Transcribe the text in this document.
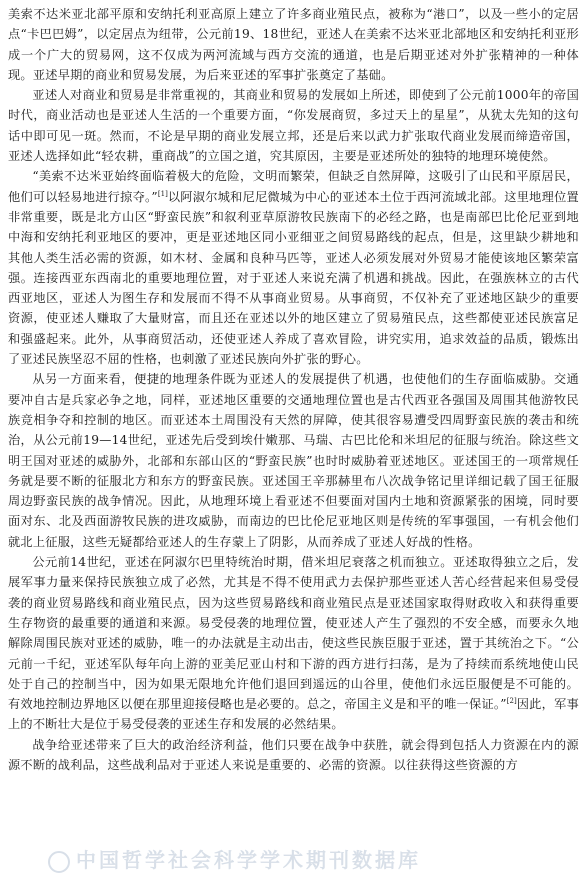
美索不达米亚北部平原和安纳托利亚高原上建立了许多商业殖民点，被称为“港口”，以及一些小的定居点“卡巴巴姆”，以定居点为纽带，公元前19、18世纪，亚述人在美索不达米亚北部地区和安纳托利亚形成一个广大的贸易网，这不仅成为两河流域与西方交流的通道，也是后期亚述对外扩张精神的一种体现。亚述早期的商业和贸易发展，为后来亚述的军事扩张奠定了基础。

亚述人对商业和贸易是非常重视的，其商业和贸易的发展如上所述，即使到了公元前1000年的帝国时代，商业活动也是亚述人生活的一个重要方面，“你发展商贸，多过天上的星星”，从犹太先知的这句话中即可见一斑。然而，不论是早期的商业发展立邦，还是后来以武力扩张取代商业发展而缔造帝国，亚述人选择如此“轻农耕，重商战”的立国之道，究其原因，主要是亚述所处的独特的地理环境使然。

“美索不达米亚始终面临着极大的危险，文明而繁荣，但缺乏自然屏障，这吸引了山民和平原居民，他们可以轻易地进行掠夺。”[1]以阿淑尔城和尼尼微城为中心的亚述本土位于西河流域北部。这里地理位置非常重要，既是北方山区“野蛮民族”和叙利亚草原游牧民族南下的必经之路，也是南部巴比伦尼亚到地中海和安纳托利亚地区的要冲，更是亚述地区同小亚细亚之间贸易路线的起点，但是，这里缺少耕地和其他人类生活必需的资源，如木材、金属和良种马匹等，亚述人必须发展对外贸易才能使该地区繁荣富强。连接西亚东西南北的重要地理位置，对于亚述人来说充满了机遇和挑战。因此，在强族林立的古代西亚地区，亚述人为图生存和发展而不得不从事商业贸易。从事商贸，不仅补充了亚述地区缺少的重要资源，使亚述人赚取了大量财富，而且还在亚述以外的地区建立了贸易殖民点，这些都使亚述民族富足和强盛起来。此外，从事商贸活动，还使亚述人养成了喜欢冒险，讲究实用，追求效益的品质，锻炼出了亚述民族坚忍不屈的性格，也刺激了亚述民族向外扩张的野心。

从另一方面来看，便捷的地理条件既为亚述人的发展提供了机遇，也使他们的生存面临威胁。交通要冲自古是兵家必争之地，同样，亚述地区重要的交通地理位置也是古代西亚各强国及周围其他游牧民族竞相争夺和控制的地区。而亚述本土周围没有天然的屏障，使其很容易遭受四周野蛮民族的袭击和统治，从公元前19—14世纪，亚述先后受到埃什嫩那、马瑞、古巴比伦和米坦尼的征服与统治。除这些文明王国对亚述的威胁外，北部和东部山区的“野蛮民族”也时时威胁着亚述地区。亚述国王的一项常规任务就是要不断的征服北方和东方的野蛮民族。亚述国王辛那赫里布八次战争铭记里详细记载了国王征服周边野蛮民族的战争情况。因此，从地理环境上看亚述不但要面对国内土地和资源紧张的困境，同时要面对东、北及西面游牧民族的进攻威胁，而南边的巴比伦尼亚地区则是传统的军事强国，一有机会他们就北上征服，这些无疑都给亚述人的生存蒙上了阴影，从而养成了亚述人好战的性格。

公元前14世纪，亚述在阿淑尔巴里特统治时期，借米坦尼衰落之机而独立。亚述取得独立之后，发展军事力量来保持民族独立成了必然，尤其是不得不使用武力去保护那些亚述人苦心经营起来但易受侵袭的商业贸易路线和商业殖民点，因为这些贸易路线和商业殖民点是亚述国家取得财政收入和获得重要生存物资的最重要的通道和来源。易受侵袭的地理位置，使亚述人产生了强烈的不安全感，而要永久地解除周围民族对亚述的威胁，唯一的办法就是主动出击，使这些民族臣服于亚述，置于其统治之下。“公元前一千纪，亚述军队每年向上游的亚美尼亚山村和下游的西方进行扫荡，是为了持续而系统地使山民处于自己的控制当中，因为如果无限地允许他们退回到遥远的山谷里，使他们永远臣服便是不可能的。有效地控制边界地区以便在那里迎接侵略也是必要的。总之，帝国主义是和平的唯一保证。”[2]因此，军事上的不断壮大是位于易受侵袭的亚述生存和发展的必然结果。

战争给亚述带来了巨大的政治经济利益，他们只要在战争中获胜，就会得到包括人力资源在内的源源不断的战利品，这些战利品对于亚述人来说是重要的、必需的资源。以往获得这些资源的方

中国哲学社会科学学术期刊数据库
